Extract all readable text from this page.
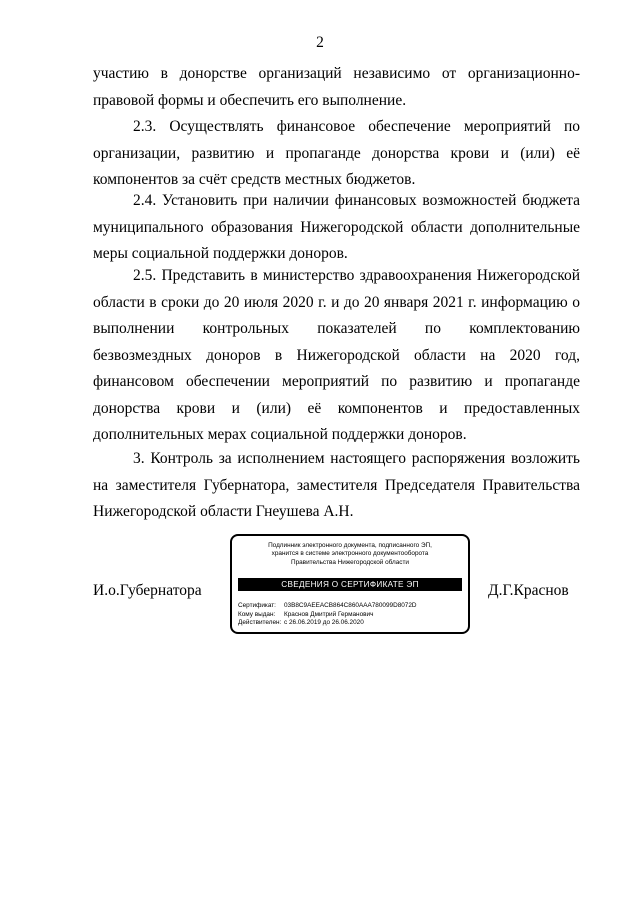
2

участию в донорстве организаций независимо от организационно-правовой формы и обеспечить его выполнение.

2.3. Осуществлять финансовое обеспечение мероприятий по организации, развитию и пропаганде донорства крови и (или) её компонентов за счёт средств местных бюджетов.

2.4. Установить при наличии финансовых возможностей бюджета муниципального образования Нижегородской области дополнительные меры социальной поддержки доноров.

2.5. Представить в министерство здравоохранения Нижегородской области в сроки до 20 июля 2020 г. и до 20 января 2021 г. информацию о выполнении контрольных показателей по комплектованию безвозмездных доноров в Нижегородской области на 2020 год, финансовом обеспечении мероприятий по развитию и пропаганде донорства крови и (или) её компонентов и предоставленных дополнительных мерах социальной поддержки доноров.

3. Контроль за исполнением настоящего распоряжения возложить на заместителя Губернатора, заместителя Председателя Правительства Нижегородской области Гнеушева А.Н.

И.о.Губернатора
Подлинник электронного документа, подписанного ЭП,
хранится в системе электронного документооборота
Правительства Нижегородской области
СВЕДЕНИЯ О СЕРТИФИКАТЕ ЭП
Сертификат: 03B8C9AEEACB864C860AAA780099D8072D
Кому выдан: Краснов Дмитрий Германович
Действителен: с 26.06.2019 до 26.06.2020
Д.Г.Краснов
